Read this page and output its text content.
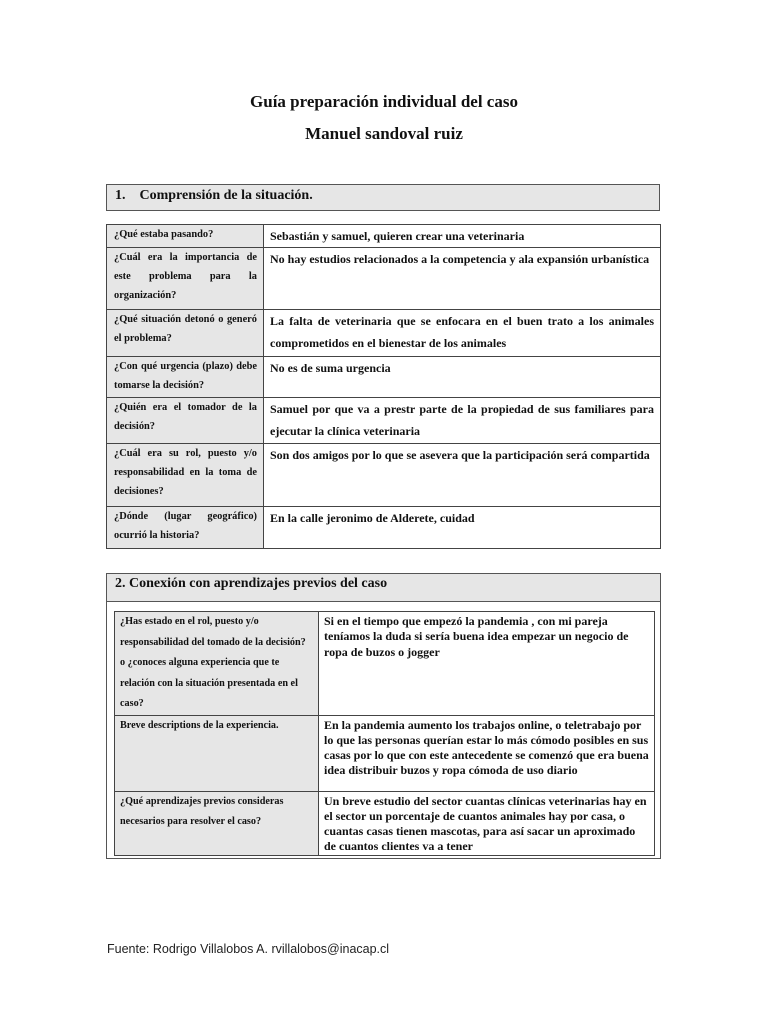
Guía preparación individual del caso
Manuel sandoval ruiz
1.    Comprensión de la situación.
¿Qué estaba pasando?	Sebastián y samuel, quieren crear una veterinaria
¿Cuál era la importancia de este problema para la organización?	No hay estudios relacionados a la competencia y ala expansión urbanística
¿Qué situación detonó o generó el problema?	La falta de veterinaria que se enfocara en el buen trato a los animales comprometidos en el bienestar de los animales
¿Con qué urgencia (plazo) debe tomarse la decisión?	No es de suma urgencia
¿Quién era el tomador de la decisión?	Samuel por que va a prestr parte de la propiedad de sus familiares para ejecutar la clínica veterinaria
¿Cuál era su rol, puesto y/o responsabilidad en la toma de decisiones?	Son dos amigos por lo que se asevera que la participación será compartida
¿Dónde (lugar geográfico) ocurrió la historia?	En la calle jeronimo de Alderete, cuidad
2. Conexión con aprendizajes previos del caso
¿Has estado en el rol, puesto y/o responsabilidad del tomado de la decisión? o ¿conoces alguna experiencia que te relación con la situación presentada en el caso?	Si en el tiempo que empezó la pandemia , con mi pareja teníamos la duda si sería buena idea empezar un negocio de ropa de buzos o jogger
Breve descriptions de la experiencia.	En la pandemia aumento los trabajos online, o teletrabajo por lo que las personas querían estar lo más cómodo posibles en sus casas por lo que con este antecedente se comenzó que era buena idea distribuir buzos y ropa cómoda de uso diario
¿Qué aprendizajes previos consideras necesarios para resolver el caso?	Un breve estudio del sector cuantas clínicas veterinarias hay en el sector un porcentaje de cuantos animales hay por casa, o cuantas casas tienen mascotas, para así sacar un aproximado de cuantos clientes va a tener
Fuente: Rodrigo Villalobos A. rvillalobos@inacap.cl
